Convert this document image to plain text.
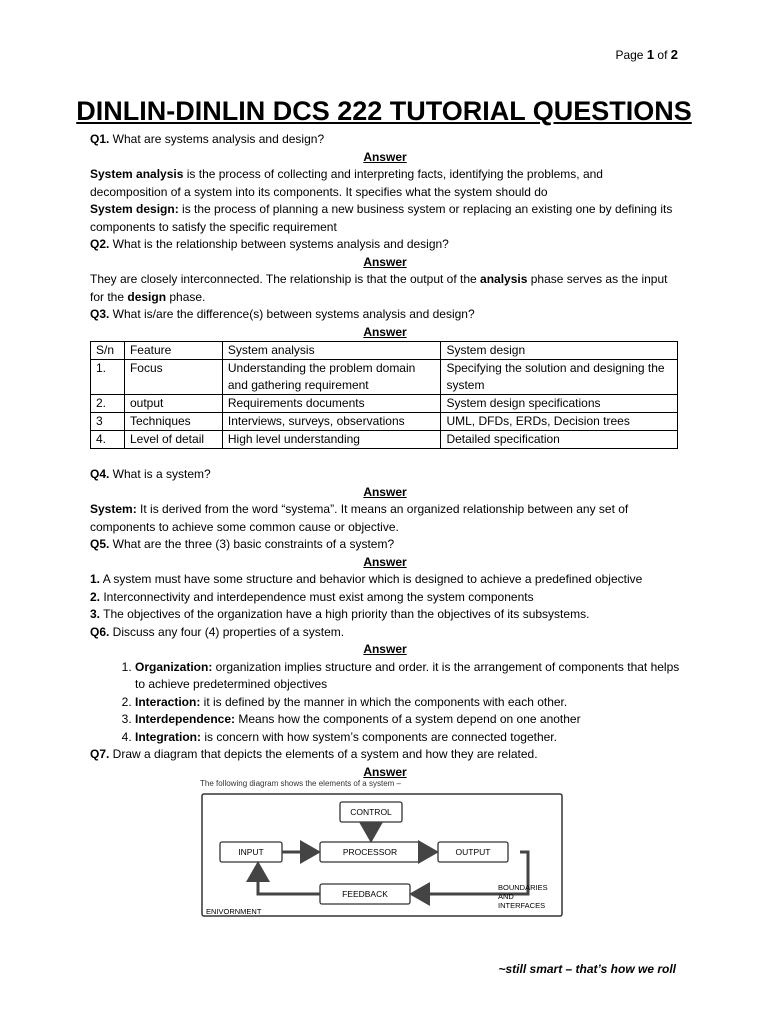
Page 1 of 2
DINLIN-DINLIN DCS 222 TUTORIAL QUESTIONS

Q1. What are systems analysis and design?

Answer

System analysis is the process of collecting and interpreting facts, identifying the problems, and decomposition of a system into its components. It specifies what the system should do

System design: is the process of planning a new business system or replacing an existing one by defining its components to satisfy the specific requirement

Q2. What is the relationship between systems analysis and design?

Answer

They are closely interconnected. The relationship is that the output of the analysis phase serves as the input for the design phase.

Q3. What is/are the difference(s) between systems analysis and design?

Answer

S/n	Feature	System analysis	System design
1.	Focus	Understanding the problem domain and gathering requirement	Specifying the solution and designing the system
2.	output	Requirements documents	System design specifications
3	Techniques	Interviews, surveys, observations	UML, DFDs, ERDs, Decision trees
4.	Level of detail	High level understanding	Detailed specification

Q4. What is a system?

Answer

System: It is derived from the word “systema”. It means an organized relationship between any set of components to achieve some common cause or objective.

Q5. What are the three (3) basic constraints of a system?

Answer

1. A system must have some structure and behavior which is designed to achieve a predefined objective

2. Interconnectivity and interdependence must exist among the system components

3. The objectives of the organization have a high priority than the objectives of its subsystems.

Q6. Discuss any four (4) properties of a system.

Answer

1. Organization: organization implies structure and order. it is the arrangement of components that helps to achieve predetermined objectives
2. Interaction: it is defined by the manner in which the components with each other.
3. Interdependence: Means how the components of a system depend on one another
4. Integration: is concern with how system’s components are connected together.

Q7. Draw a diagram that depicts the elements of a system and how they are related.

Answer

The following diagram shows the elements of a system –
CONTROL
INPUT	PROCESSOR	OUTPUT
FEEDBACK
BOUNDARIES
AND
INTERFACES
ENIVORNMENT
~still smart – that’s how we roll
